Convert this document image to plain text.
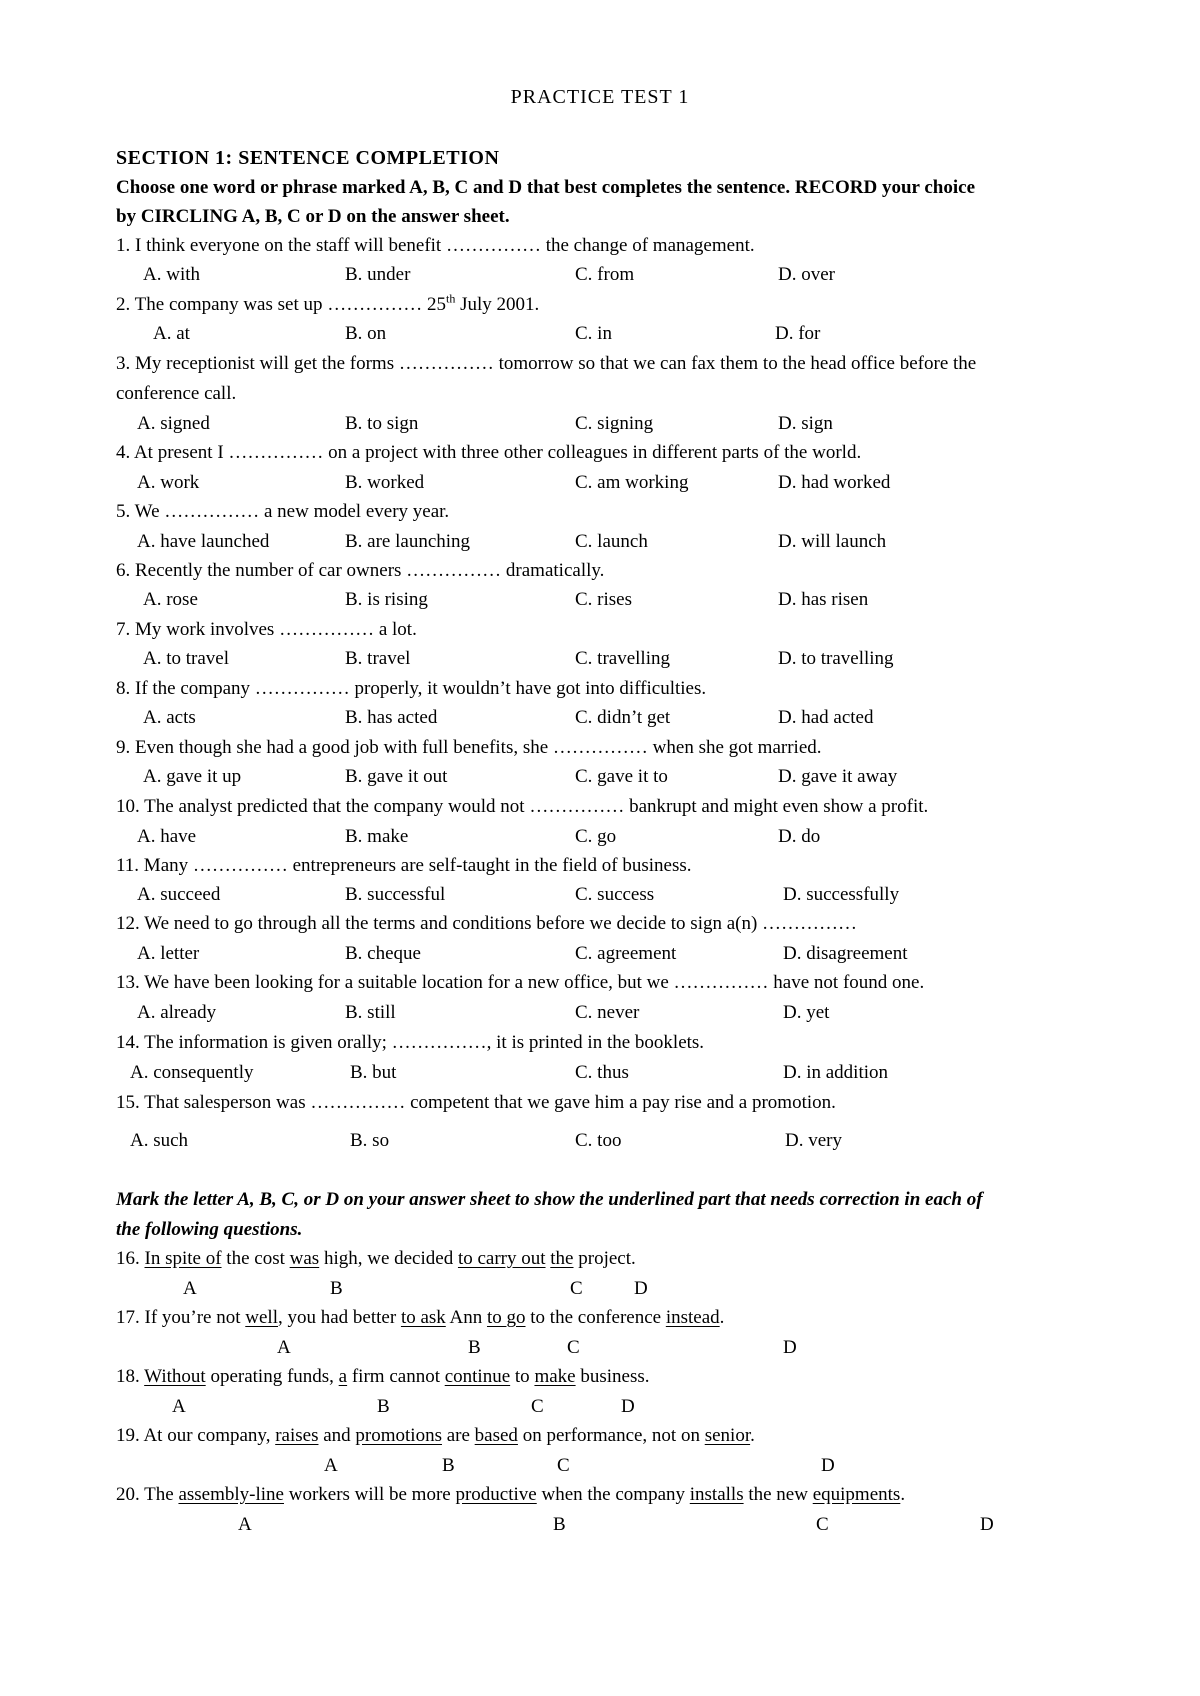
PRACTICE TEST 1
SECTION 1: SENTENCE COMPLETION
Choose one word or phrase marked A, B, C and D that best completes the sentence. RECORD your choice
by CIRCLING A, B, C or D on the answer sheet.
1. I think everyone on the staff will benefit …………… the change of management.
A. with	B. under	C. from	D. over
2. The company was set up …………… 25th July 2001.
A. at	B. on	C. in	D. for
3. My receptionist will get the forms …………… tomorrow so that we can fax them to the head office before the
conference call.
A. signed	B. to sign	C. signing	D. sign
4. At present I …………… on a project with three other colleagues in different parts of the world.
A. work	B. worked	C. am working	D. had worked
5. We …………… a new model every year.
A. have launched	B. are launching	C. launch	D. will launch
6. Recently the number of car owners …………… dramatically.
A. rose	B. is rising	C. rises	D. has risen
7. My work involves …………… a lot.
A. to travel	B. travel	C. travelling	D. to travelling
8. If the company …………… properly, it wouldn’t have got into difficulties.
A. acts	B. has acted	C. didn’t get	D. had acted
9. Even though she had a good job with full benefits, she …………… when she got married.
A. gave it up	B. gave it out	C. gave it to	D. gave it away
10. The analyst predicted that the company would not …………… bankrupt and might even show a profit.
A. have	B. make	C. go	D. do
11. Many …………… entrepreneurs are self-taught in the field of business.
A. succeed	B. successful	C. success	D. successfully
12. We need to go through all the terms and conditions before we decide to sign a(n) ……………
A. letter	B. cheque	C. agreement	D. disagreement
13. We have been looking for a suitable location for a new office, but we …………… have not found one.
A. already	B. still	C. never	D. yet
14. The information is given orally; ……………, it is printed in the booklets.
A. consequently	B. but	C. thus	D. in addition
15. That salesperson was …………… competent that we gave him a pay rise and a promotion.
A. such	B. so	C. too	D. very
Mark the letter A, B, C, or D on your answer sheet to show the underlined part that needs correction in each of
the following questions.
16. In spite of the cost was high, we decided to carry out the project.
A	B	C	D
17. If you’re not well, you had better to ask Ann to go to the conference instead.
A	B	C	D
18. Without operating funds, a firm cannot continue to make business.
A	B	C	D
19. At our company, raises and promotions are based on performance, not on senior.
A	B	C	D
20. The assembly-line workers will be more productive when the company installs the new equipments.
A	B	C	D
